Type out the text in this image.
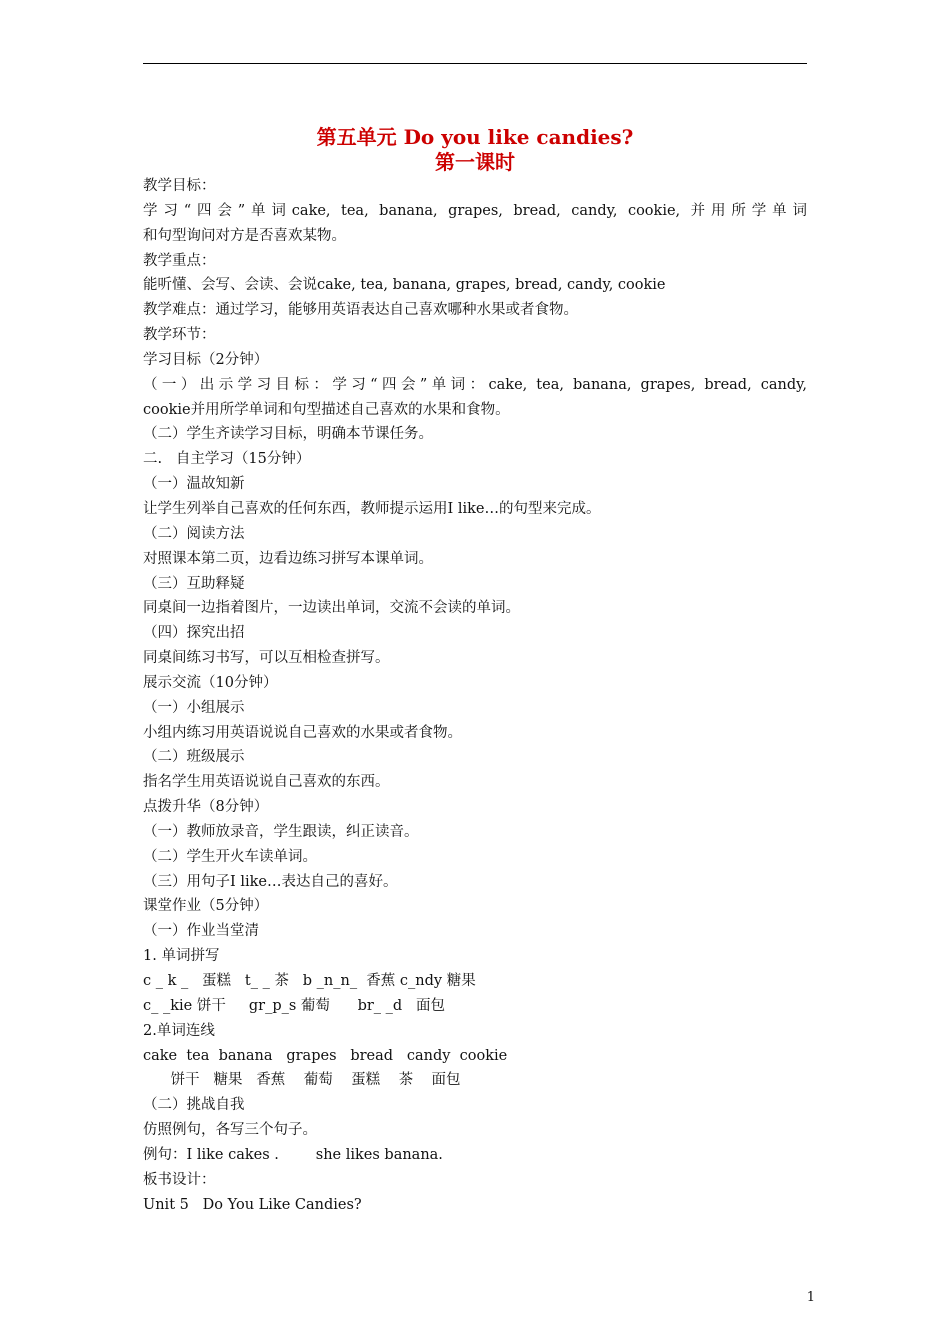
第五单元 Do you like candies?
第一课时

教学目标：

学习“四会”单词cake, tea, banana, grapes, bread, candy, cookie, 并用所学单词

和句型询问对方是否喜欢某物。

教学重点：

能听懂、会写、会读、会说cake, tea, banana, grapes, bread, candy, cookie

教学难点：通过学习，能够用英语表达自己喜欢哪种水果或者食物。

教学环节：

学习目标（2分钟）

（一）出示学习目标：学习“四会”单词：cake, tea, banana, grapes, bread, candy,

cookie并用所学单词和句型描述自己喜欢的水果和食物。

（二）学生齐读学习目标，明确本节课任务。

二.   自主学习（15分钟）

（一）温故知新

让学生列举自己喜欢的任何东西，教师提示运用I like…的句型来完成。

（二）阅读方法

对照课本第二页，边看边练习拼写本课单词。

（三）互助释疑

同桌间一边指着图片，一边读出单词，交流不会读的单词。

（四）探究出招

同桌间练习书写，可以互相检查拼写。

展示交流（10分钟）

（一）小组展示

小组内练习用英语说说自己喜欢的水果或者食物。

（二）班级展示

指名学生用英语说说自己喜欢的东西。

点拨升华（8分钟）

（一）教师放录音，学生跟读，纠正读音。

（二）学生开火车读单词。

（三）用句子I like…表达自己的喜好。

课堂作业（5分钟）

（一）作业当堂清

1. 单词拼写

c _ k _   蛋糕   t_ _ 茶   b _n_n_  香蕉 c_ndy 糖果

c_ _kie 饼干     gr_p_s 葡萄      br_ _d   面包

2.单词连线

cake  tea  banana   grapes   bread   candy  cookie

饼干   糖果   香蕉    葡萄    蛋糕    茶    面包

（二）挑战自我

仿照例句，各写三个句子。

例句：I like cakes .        she likes banana.

板书设计：

Unit 5   Do You Like Candies?

1
